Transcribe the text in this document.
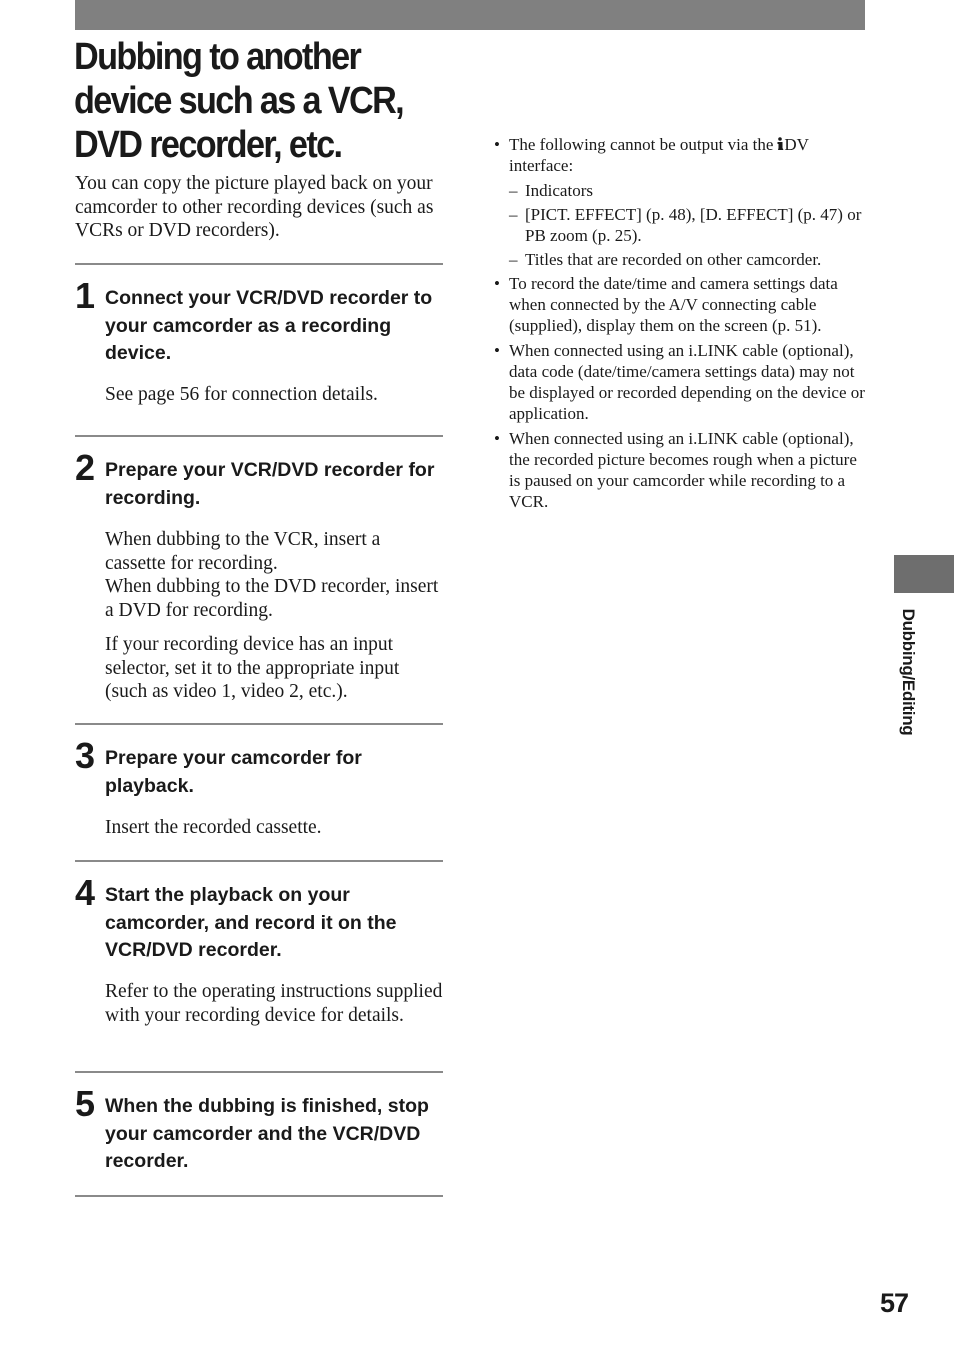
Dubbing/Editing
Dubbing to another device such as a VCR, DVD recorder, etc.

You can copy the picture played back on your camcorder to other recording devices (such as VCRs or DVD recorders).

1 Connect your VCR/DVD recorder to your camcorder as a recording device.

See page 56 for connection details.

2 Prepare your VCR/DVD recorder for recording.

When dubbing to the VCR, insert a cassette for recording.

When dubbing to the DVD recorder, insert a DVD for recording.

If your recording device has an input selector, set it to the appropriate input (such as video 1, video 2, etc.).

3 Prepare your camcorder for playback.

Insert the recorded cassette.

4 Start the playback on your camcorder, and record it on the VCR/DVD recorder.

Refer to the operating instructions supplied with your recording device for details.

5 When the dubbing is finished, stop your camcorder and the VCR/DVD recorder.

• The following cannot be output via the DV interface:
– Indicators
– [PICT. EFFECT] (p. 48), [D. EFFECT] (p. 47) or PB zoom (p. 25).
– Titles that are recorded on other camcorder.
• To record the date/time and camera settings data when connected by the A/V connecting cable (supplied), display them on the screen (p. 51).
• When connected using an i.LINK cable (optional), data code (date/time/camera settings data) may not be displayed or recorded depending on the device or application.
• When connected using an i.LINK cable (optional), the recorded picture becomes rough when a picture is paused on your camcorder while recording to a VCR.
57
